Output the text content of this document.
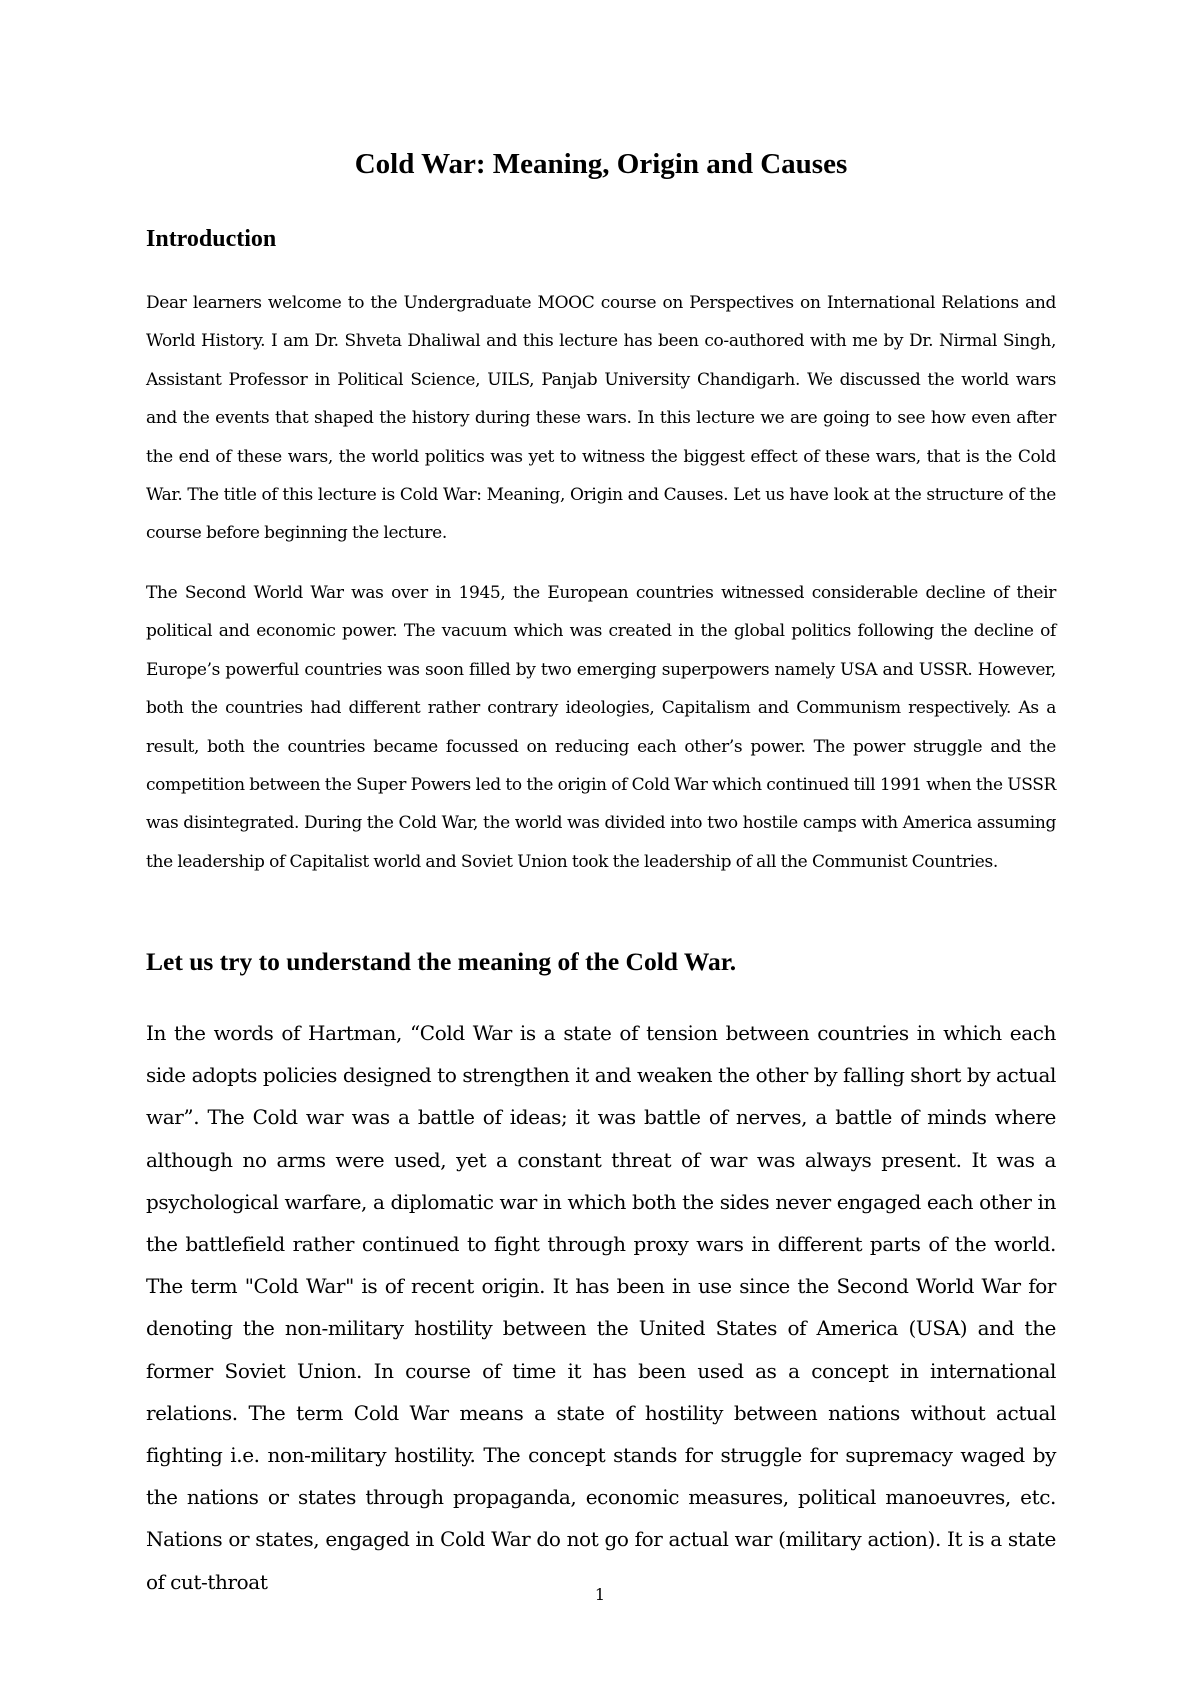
Cold War: Meaning, Origin and Causes
Introduction

Dear learners welcome to the Undergraduate MOOC course on Perspectives on International Relations and World History. I am Dr. Shveta Dhaliwal and this lecture has been co-authored with me by Dr. Nirmal Singh, Assistant Professor in Political Science, UILS, Panjab University Chandigarh. We discussed the world wars and the events that shaped the history during these wars. In this lecture we are going to see how even after the end of these wars, the world politics was yet to witness the biggest effect of these wars, that is the Cold War. The title of this lecture is Cold War: Meaning, Origin and Causes. Let us have look at the structure of the course before beginning the lecture.

The Second World War was over in 1945, the European countries witnessed considerable decline of their political and economic power. The vacuum which was created in the global politics following the decline of Europe’s powerful countries was soon filled by two emerging superpowers namely USA and USSR. However, both the countries had different rather contrary ideologies, Capitalism and Communism respectively. As a result, both the countries became focussed on reducing each other’s power. The power struggle and the competition between the Super Powers led to the origin of Cold War which continued till 1991 when the USSR was disintegrated. During the Cold War, the world was divided into two hostile camps with America assuming the leadership of Capitalist world and Soviet Union took the leadership of all the Communist Countries.

Let us try to understand the meaning of the Cold War.

In the words of Hartman, “Cold War is a state of tension between countries in which each side adopts policies designed to strengthen it and weaken the other by falling short by actual war”. The Cold war was a battle of ideas; it was battle of nerves, a battle of minds where although no arms were used, yet a constant threat of war was always present. It was a psychological warfare, a diplomatic war in which both the sides never engaged each other in the battlefield rather continued to fight through proxy wars in different parts of the world. The term "Cold War" is of recent origin. It has been in use since the Second World War for denoting the non-military hostility between the United States of America (USA) and the former Soviet Union. In course of time it has been used as a concept in international relations. The term Cold War means a state of hostility between nations without actual fighting i.e. non-military hostility. The concept stands for struggle for supremacy waged by the nations or states through propaganda, economic measures, political manoeuvres, etc. Nations or states, engaged in Cold War do not go for actual war (military action). It is a state of cut-throat

1
